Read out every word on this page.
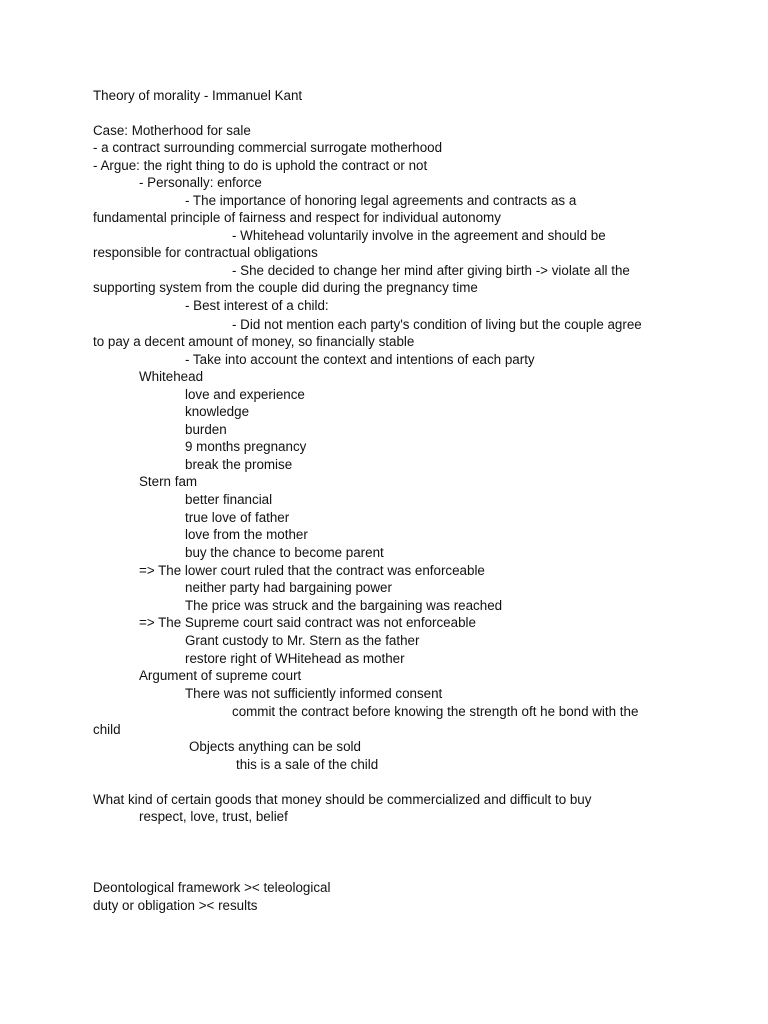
Theory of morality - Immanuel Kant
Case: Motherhood for sale
- a contract surrounding commercial surrogate motherhood
- Argue: the right thing to do is uphold the contract or not
- Personally: enforce
- The importance of honoring legal agreements and contracts as a
fundamental principle of fairness and respect for individual autonomy
- Whitehead voluntarily involve in the agreement and should be
responsible for contractual obligations
- She decided to change her mind after giving birth -> violate all the
supporting system from the couple did during the pregnancy time
- Best interest of a child:
- Did not mention each party's condition of living but the couple agree
to pay a decent amount of money, so financially stable
- Take into account the context and intentions of each party
Whitehead
love and experience
knowledge
burden
9 months pregnancy
break the promise
Stern fam
better financial
true love of father
love from the mother
buy the chance to become parent
=> The lower court ruled that the contract was enforceable
neither party had bargaining power
The price was struck and the bargaining was reached
=> The Supreme court said contract was not enforceable
Grant custody to Mr. Stern as the father
restore right of WHitehead as mother
Argument of supreme court
There was not sufficiently informed consent
commit the contract before knowing the strength oft he bond with the
child
Objects anything can be sold
this is a sale of the child
What kind of certain goods that money should be commercialized and difficult to buy
respect, love, trust, belief
Deontological framework >< teleological
duty or obligation >< results
